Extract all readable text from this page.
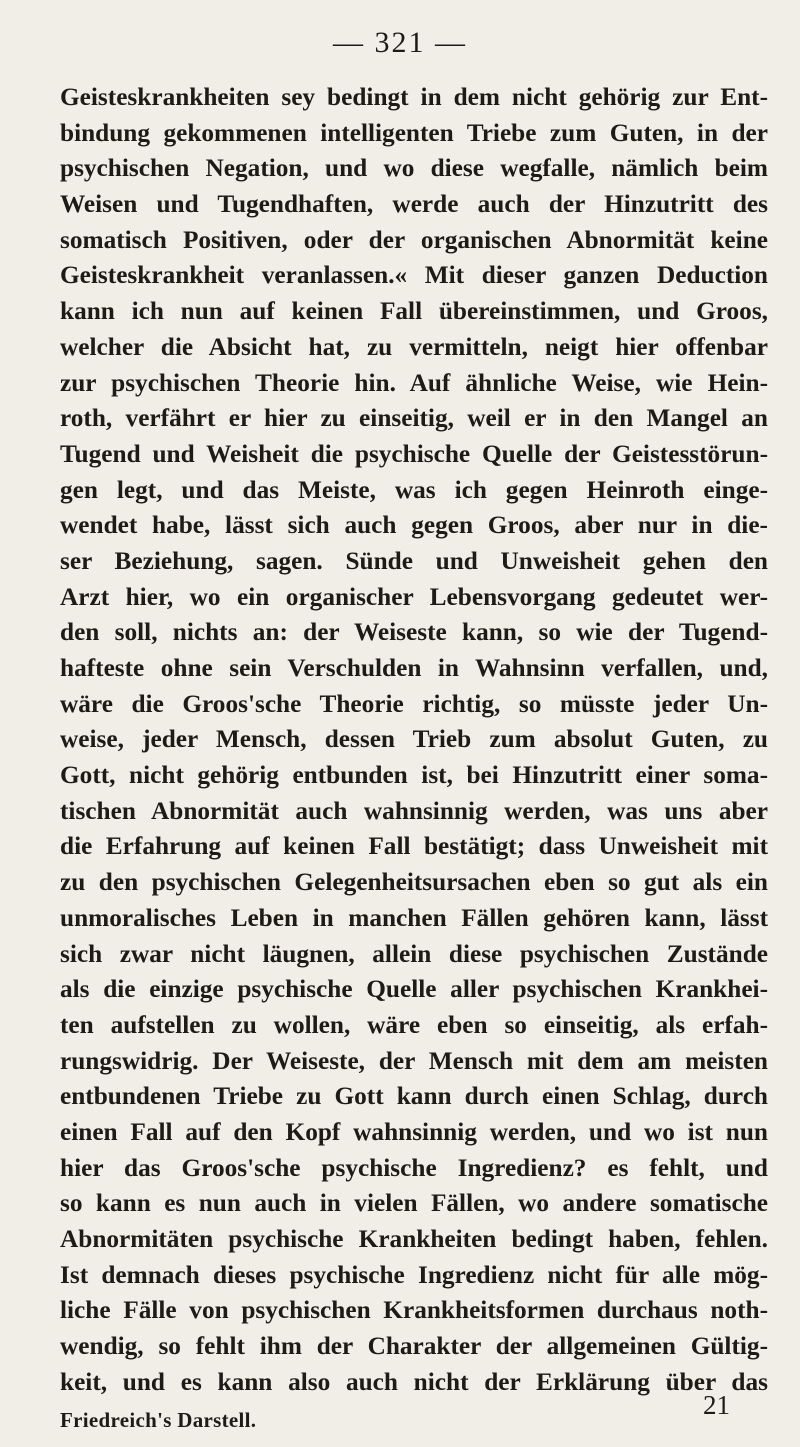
— 321 —
Geisteskrankheiten sey bedingt in dem nicht gehörig zur Ent-
bindung gekommenen intelligenten Triebe zum Guten, in der
psychischen Negation, und wo diese wegfalle, nämlich beim
Weisen und Tugendhaften, werde auch der Hinzutritt des
somatisch Positiven, oder der organischen Abnormität keine
Geisteskrankheit veranlassen.« Mit dieser ganzen Deduction
kann ich nun auf keinen Fall übereinstimmen, und Groos,
welcher die Absicht hat, zu vermitteln, neigt hier offenbar
zur psychischen Theorie hin. Auf ähnliche Weise, wie Hein-
roth, verfährt er hier zu einseitig, weil er in den Mangel an
Tugend und Weisheit die psychische Quelle der Geistesstörun-
gen legt, und das Meiste, was ich gegen Heinroth einge-
wendet habe, lässt sich auch gegen Groos, aber nur in die-
ser Beziehung, sagen. Sünde und Unweisheit gehen den
Arzt hier, wo ein organischer Lebensvorgang gedeutet wer-
den soll, nichts an: der Weiseste kann, so wie der Tugend-
hafteste ohne sein Verschulden in Wahnsinn verfallen, und,
wäre die Groos'sche Theorie richtig, so müsste jeder Un-
weise, jeder Mensch, dessen Trieb zum absolut Guten, zu
Gott, nicht gehörig entbunden ist, bei Hinzutritt einer soma-
tischen Abnormität auch wahnsinnig werden, was uns aber
die Erfahrung auf keinen Fall bestätigt; dass Unweisheit mit
zu den psychischen Gelegenheitsursachen eben so gut als ein
unmoralisches Leben in manchen Fällen gehören kann, lässt
sich zwar nicht läugnen, allein diese psychischen Zustände
als die einzige psychische Quelle aller psychischen Krankhei-
ten aufstellen zu wollen, wäre eben so einseitig, als erfah-
rungswidrig. Der Weiseste, der Mensch mit dem am meisten
entbundenen Triebe zu Gott kann durch einen Schlag, durch
einen Fall auf den Kopf wahnsinnig werden, und wo ist nun
hier das Groos'sche psychische Ingredienz? es fehlt, und
so kann es nun auch in vielen Fällen, wo andere somatische
Abnormitäten psychische Krankheiten bedingt haben, fehlen.
Ist demnach dieses psychische Ingredienz nicht für alle mög-
liche Fälle von psychischen Krankheitsformen durchaus noth-
wendig, so fehlt ihm der Charakter der allgemeinen Gültig-
keit, und es kann also auch nicht der Erklärung über das
Friedreich's Darstell.	21
